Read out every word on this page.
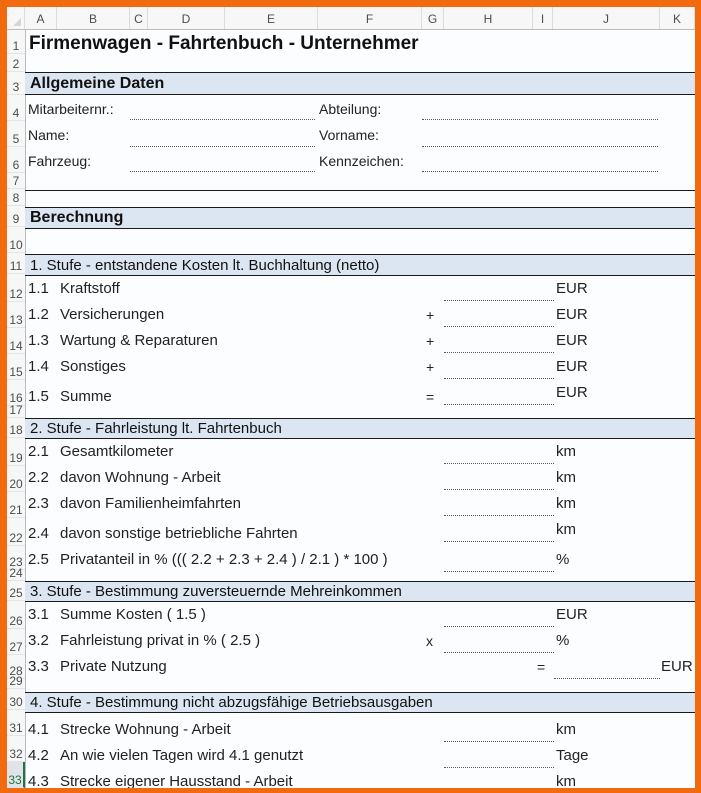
A	B	C	D	E	F	G	H	I	J	K
1
2
3
4
5
6
7
8
9
10
11
12
13
14
15
16
17
18
19
20
21
22
23
24
25
26
27
28
29
30
31
32
33
Firmenwagen - Fahrtenbuch - Unternehmer
Allgemeine Daten
Mitarbeiternr.:	Abteilung:
Name:	Vorname:
Fahrzeug:	Kennzeichen:
Berechnung
1. Stufe - entstandene Kosten lt. Buchhaltung (netto)
1.1 Kraftstoff	EUR
1.2 Versicherungen	+	EUR
1.3 Wartung & Reparaturen	+	EUR
1.4 Sonstiges	+	EUR
1.5 Summe	=	EUR
2. Stufe - Fahrleistung lt. Fahrtenbuch
2.1 Gesamtkilometer	km
2.2 davon Wohnung - Arbeit	km
2.3 davon Familienheimfahrten	km
2.4 davon sonstige betriebliche Fahrten	km
2.5 Privatanteil in % ((( 2.2 + 2.3 + 2.4 ) / 2.1 ) * 100 )	%
3. Stufe - Bestimmung zuversteuernde Mehreinkommen
3.1 Summe Kosten ( 1.5 )	EUR
3.2 Fahrleistung privat in % ( 2.5 )	x	%
3.3 Private Nutzung	=	EUR
4. Stufe - Bestimmung nicht abzugsfähige Betriebsausgaben
4.1 Strecke Wohnung - Arbeit	km
4.2 An wie vielen Tagen wird 4.1 genutzt	Tage
4.3 Strecke eigener Hausstand - Arbeit	km
